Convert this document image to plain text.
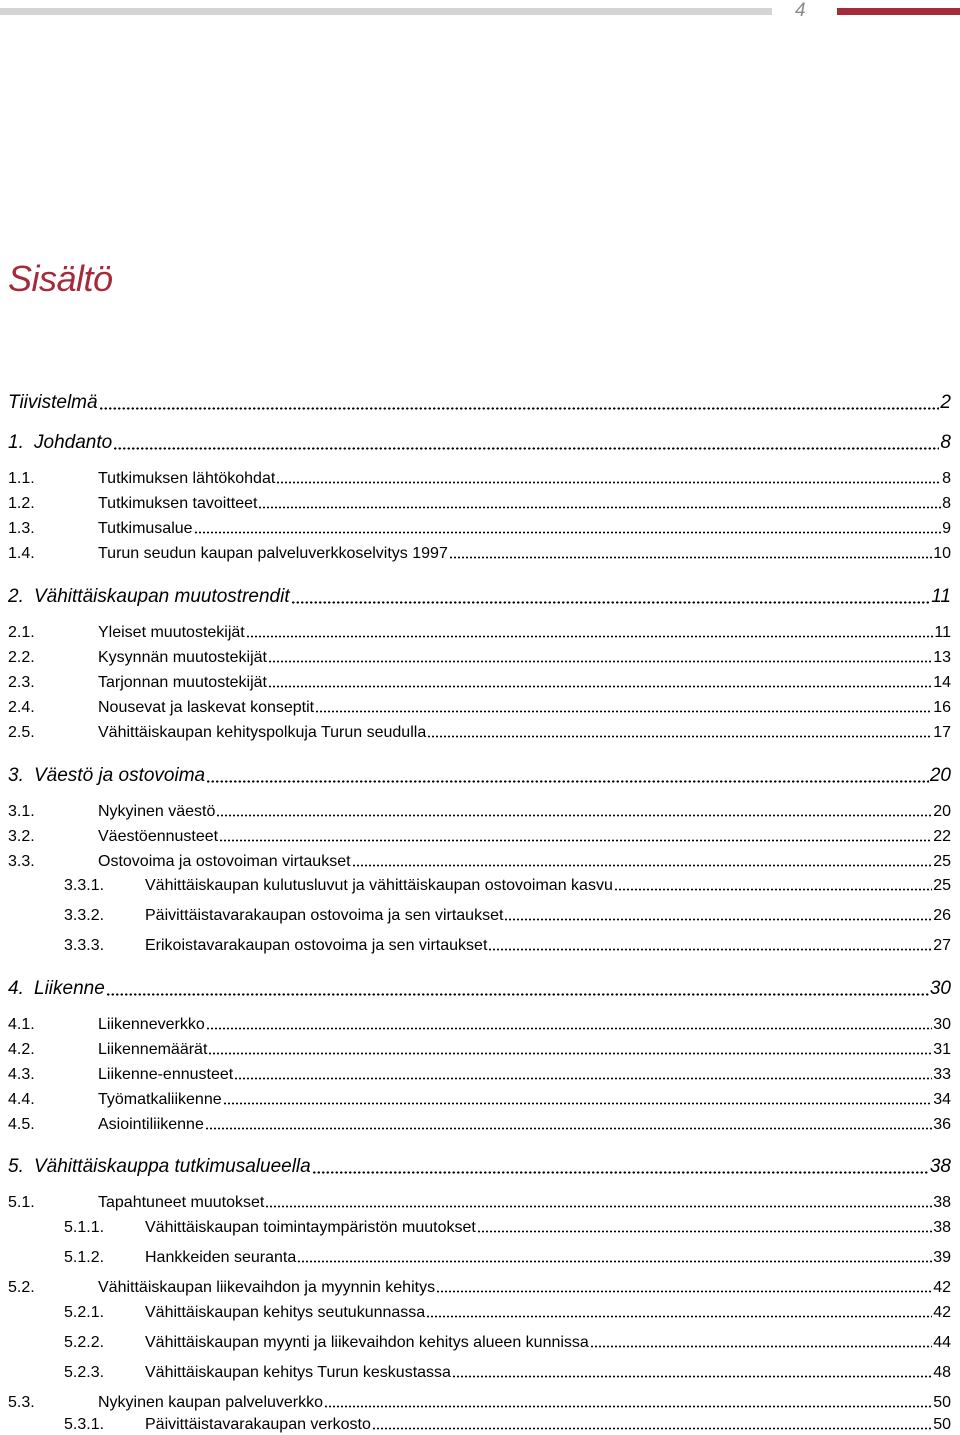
4
Sisältö
Tiivistelmä	2
1. Johdanto	8
1.1.	Tutkimuksen lähtökohdat	8
1.2.	Tutkimuksen tavoitteet	8
1.3.	Tutkimusalue	9
1.4.	Turun seudun kaupan palveluverkkoselvitys 1997	10
2. Vähittäiskaupan muutostrendit	11
2.1.	Yleiset muutostekijät	11
2.2.	Kysynnän muutostekijät	13
2.3.	Tarjonnan muutostekijät	14
2.4.	Nousevat ja laskevat konseptit	16
2.5.	Vähittäiskaupan kehityspolkuja Turun seudulla	17
3. Väestö ja ostovoima	20
3.1.	Nykyinen väestö	20
3.2.	Väestöennusteet	22
3.3.	Ostovoima ja ostovoiman virtaukset	25
3.3.1.	Vähittäiskaupan kulutusluvut ja vähittäiskaupan ostovoiman kasvu	25
3.3.2.	Päivittäistavarakaupan ostovoima ja sen virtaukset	26
3.3.3.	Erikoistavarakaupan ostovoima ja sen virtaukset	27
4. Liikenne	30
4.1.	Liikenneverkko	30
4.2.	Liikennemäärät	31
4.3.	Liikenne-ennusteet	33
4.4.	Työmatkaliikenne	34
4.5.	Asiointiliikenne	36
5. Vähittäiskauppa tutkimusalueella	38
5.1.	Tapahtuneet muutokset	38
5.1.1.	Vähittäiskaupan toimintaympäristön muutokset	38
5.1.2.	Hankkeiden seuranta	39
5.2.	Vähittäiskaupan liikevaihdon ja myynnin kehitys	42
5.2.1.	Vähittäiskaupan kehitys seutukunnassa	42
5.2.2.	Vähittäiskaupan myynti ja liikevaihdon kehitys alueen kunnissa	44
5.2.3.	Vähittäiskaupan kehitys Turun keskustassa	48
5.3.	Nykyinen kaupan palveluverkko	50
5.3.1.	Päivittäistavarakaupan verkosto	50
